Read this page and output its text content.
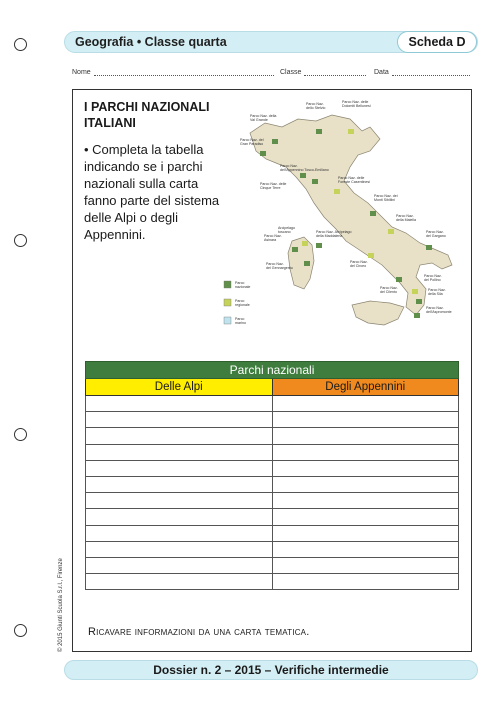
Geografia • Classe quarta	Scheda D
Nome	Classe	Data
I PARCHI NAZIONALI ITALIANI
• Completa la tabella indicando se i parchi nazionali sulla carta fanno parte del sistema delle Alpi o degli Appennini.
Parco Naz. della Val Grande
Parco Naz. dello Stelvio
Parco Naz. delle Dolomiti Bellunesi
Parco Naz. del Gran Paradiso
Parco Naz. dell'Appennino Tosco-Emiliano
Parco Naz. delle Foreste Casentinesi
Parco Naz. delle Cinque Terre
Parco Naz. dei Monti Sibillini
Parco Naz. della Maiella
Parco Naz. del Gargano
Arcipelago toscano
Parco Naz. del Circeo
Parco Naz. del Gennargentu
Parco Naz. del Cilento
Parco Naz. del Pollino
Parco Naz. della Sila
Parco Naz. dell'Aspromonte
Parco Naz. Arcipelago della Maddalena
Parco Naz. Asinara
Parco nazionale
Parco regionale
Parco marino
Parchi nazionali	
Delle Alpi	Degli Appennini

Ricavare informazioni da una carta tematica.
© 2015 Giunti Scuola S.r.l., Firenze
Dossier n. 2 – 2015 – Verifiche intermedie
